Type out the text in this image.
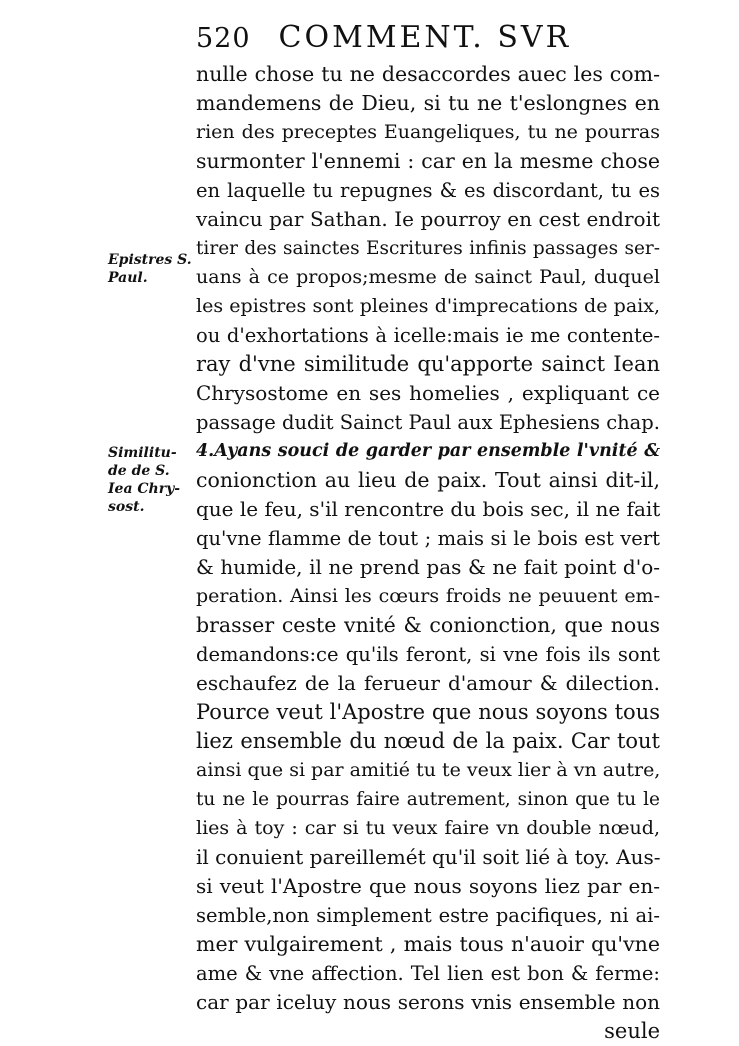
520 COMMENT. SVR
Epistres S.
Paul.
Similitu-
de de S.
Iea Chry-
sost.
nulle chose tu ne desaccordes auec les com-
mandemens de Dieu, si tu ne t'eslongnes en
rien des preceptes Euangeliques, tu ne pourras
surmonter l'ennemi : car en la mesme chose
en laquelle tu repugnes & es discordant, tu es
vaincu par Sathan. Ie pourroy en cest endroit
tirer des sainctes Escritures infinis passages ser-
uans à ce propos;mesme de sainct Paul, duquel
les epistres sont pleines d'imprecations de paix,
ou d'exhortations à icelle:mais ie me contente-
ray d'vne similitude qu'apporte sainct Iean
Chrysostome en ses homelies , expliquant ce
passage dudit Sainct Paul aux Ephesiens chap.
4.Ayans souci de garder par ensemble l'vnité &
conionction au lieu de paix. Tout ainsi dit-il,
que le feu, s'il rencontre du bois sec, il ne fait
qu'vne flamme de tout ; mais si le bois est vert
& humide, il ne prend pas & ne fait point d'o-
peration. Ainsi les cœurs froids ne peuuent em-
brasser ceste vnité & conionction, que nous
demandons:ce qu'ils feront, si vne fois ils sont
eschaufez de la ferueur d'amour & dilection.
Pource veut l'Apostre que nous soyons tous
liez ensemble du nœud de la paix. Car tout
ainsi que si par amitié tu te veux lier à vn autre,
tu ne le pourras faire autrement, sinon que tu le
lies à toy : car si tu veux faire vn double nœud,
il conuient pareillemét qu'il soit lié à toy. Aus-
si veut l'Apostre que nous soyons liez par en-
semble,non simplement estre pacifiques, ni ai-
mer vulgairement , mais tous n'auoir qu'vne
ame & vne affection. Tel lien est bon & ferme:
car par iceluy nous serons vnis ensemble non
seule
